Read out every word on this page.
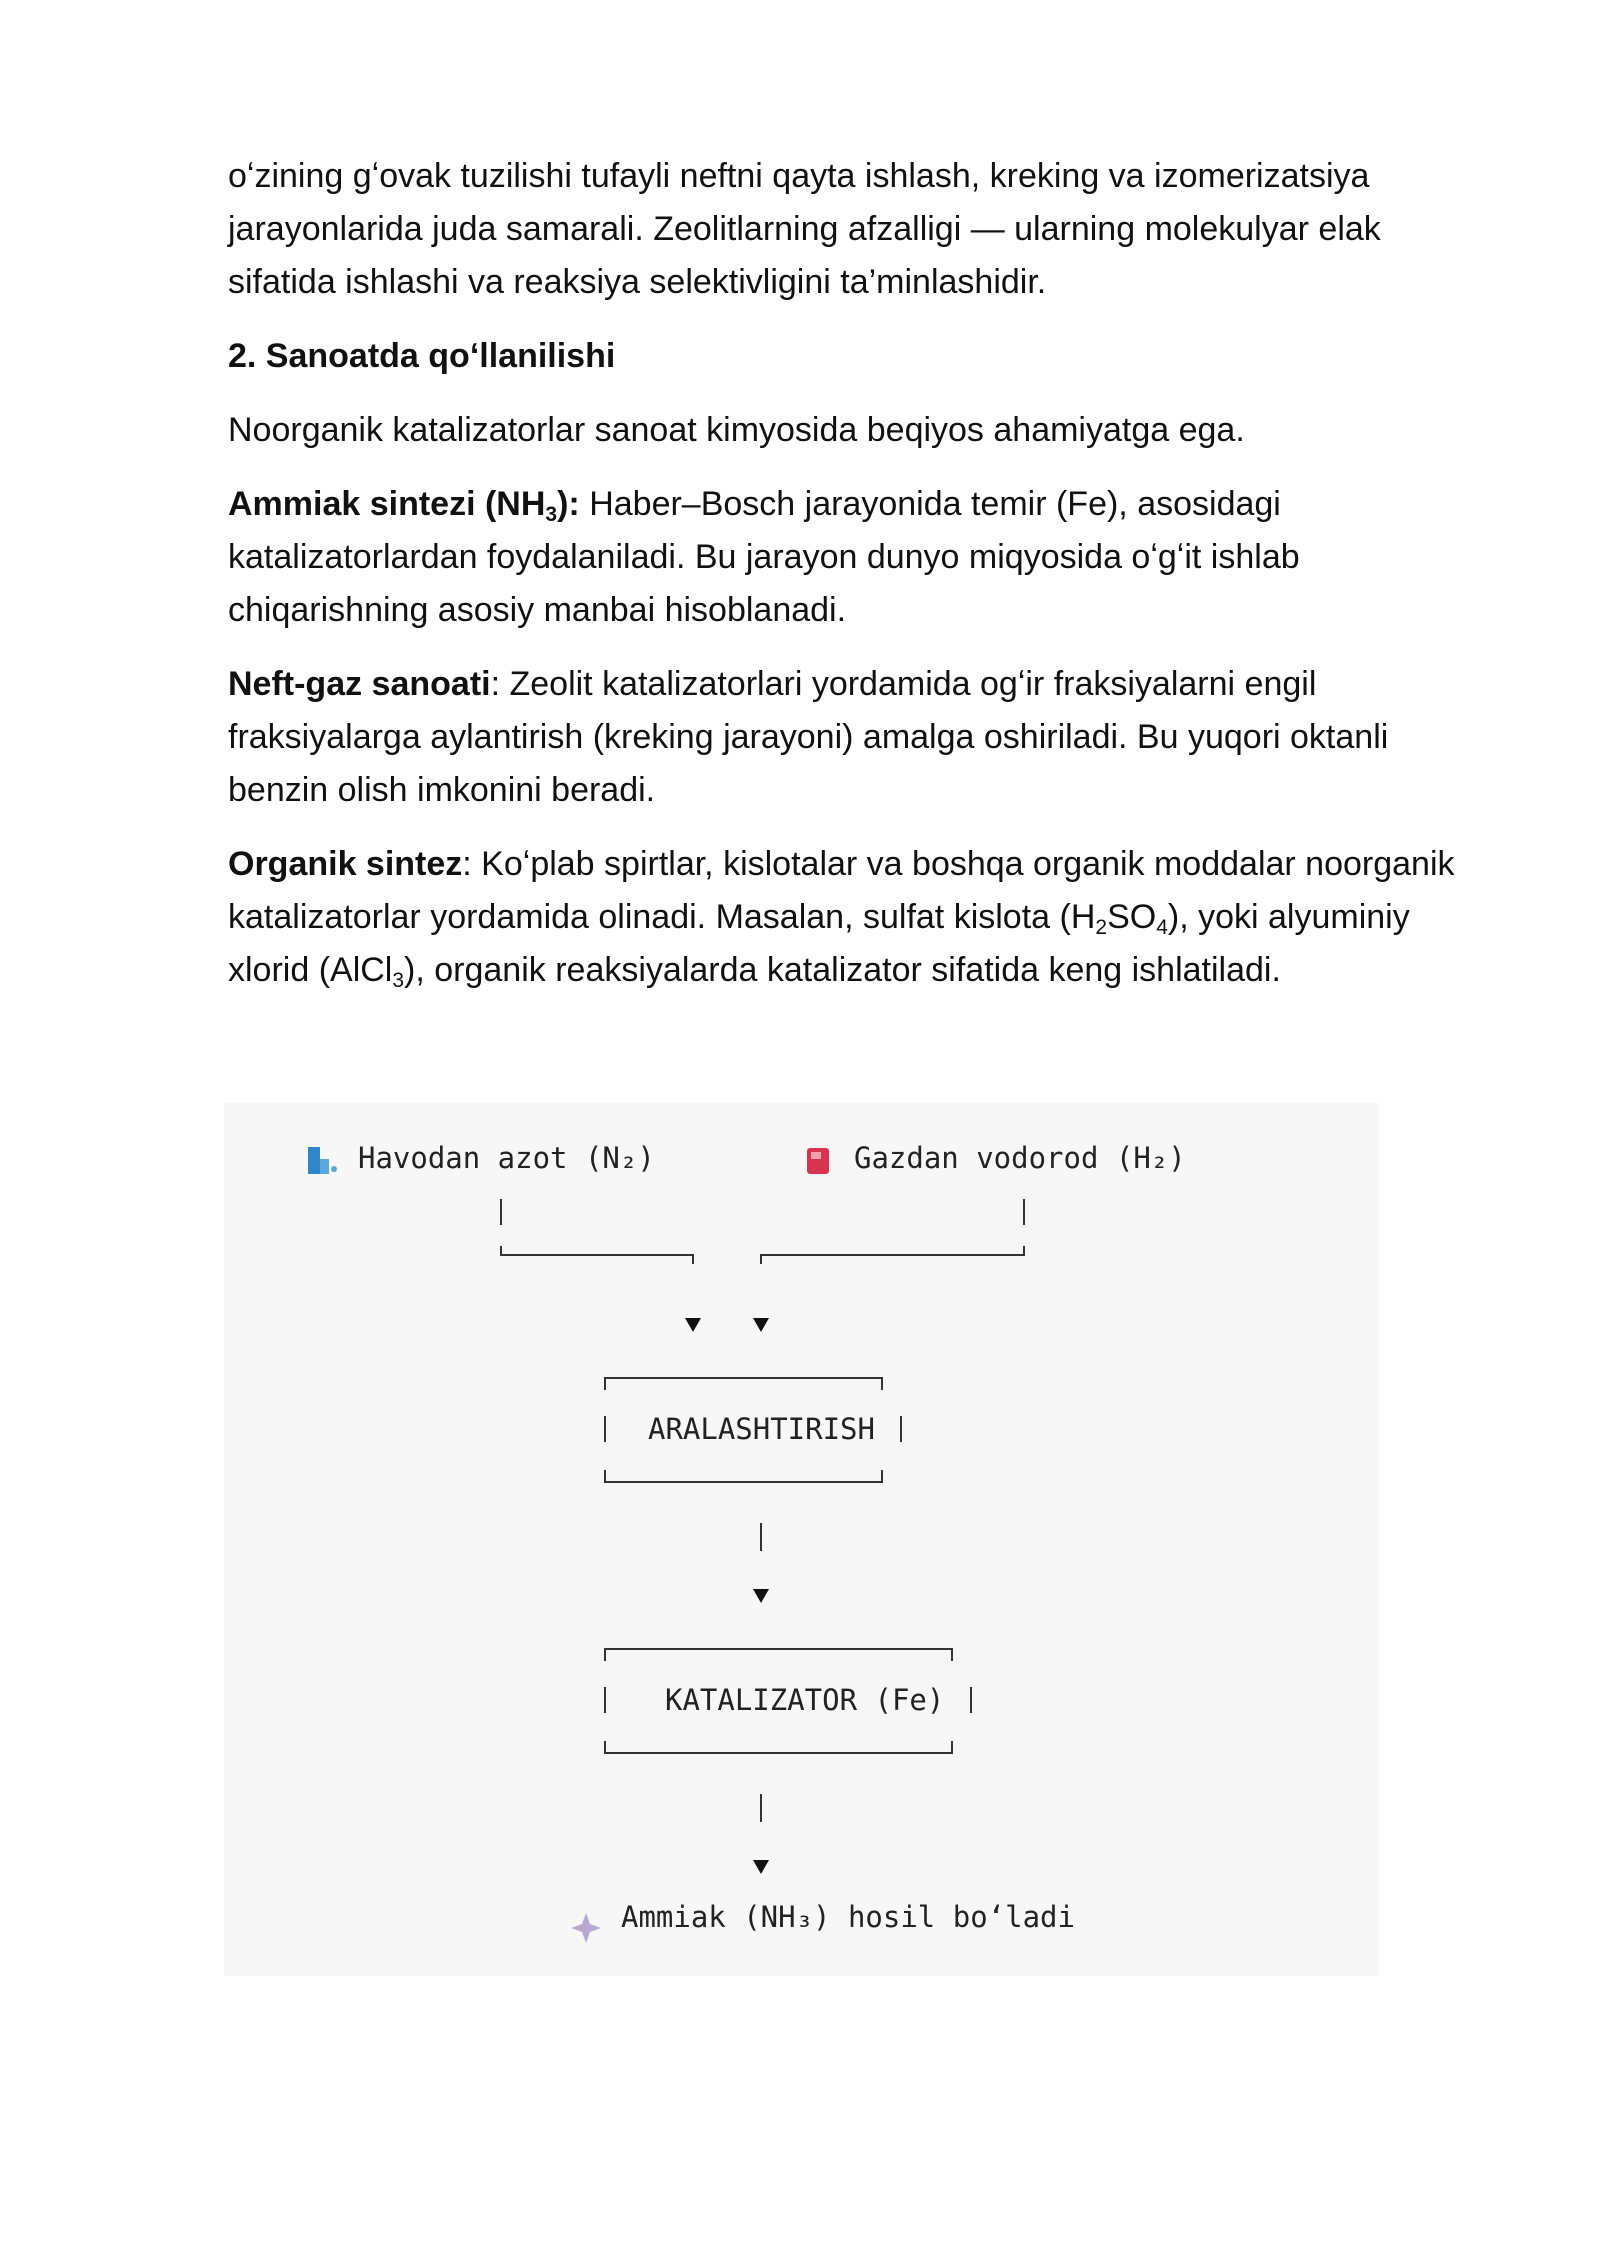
oʻzining gʻovak tuzilishi tufayli neftni qayta ishlash, kreking va izomerizatsiya jarayonlarida juda samarali. Zeolitlarning afzalligi — ularning molekulyar elak sifatida ishlashi va reaksiya selektivligini ta’minlashidir.

2. Sanoatda qoʻllanilishi

Noorganik katalizatorlar sanoat kimyosida beqiyos ahamiyatga ega.

Ammiak sintezi $(NH_3)$: Haber–Bosch jarayonida temir (Fe), asosidagi katalizatorlardan foydalaniladi. Bu jarayon dunyo miqyosida oʻgʻit ishlab chiqarishning asosiy manbai hisoblanadi.

Neft-gaz sanoati: Zeolit katalizatorlari yordamida ogʻir fraksiyalarni engil fraksiyalarga aylantirish (kreking jarayoni) amalga oshiriladi. Bu yuqori oktanli benzin olish imkonini beradi.

Organik sintez: Koʻplab spirtlar, kislotalar va boshqa organik moddalar noorganik katalizatorlar yordamida olinadi. Masalan, sulfat kislota $(H_2SO_4)$, yoki alyuminiy xlorid (AlCl$_3$), organik reaksiyalarda katalizator sifatida keng ishlatiladi.

Havodan azot (N₂)	Gazdan vodorod (H₂)
ARALASHTIRISH
KATALIZATOR (Fe)
Ammiak (NH₃) hosil boʻladi
